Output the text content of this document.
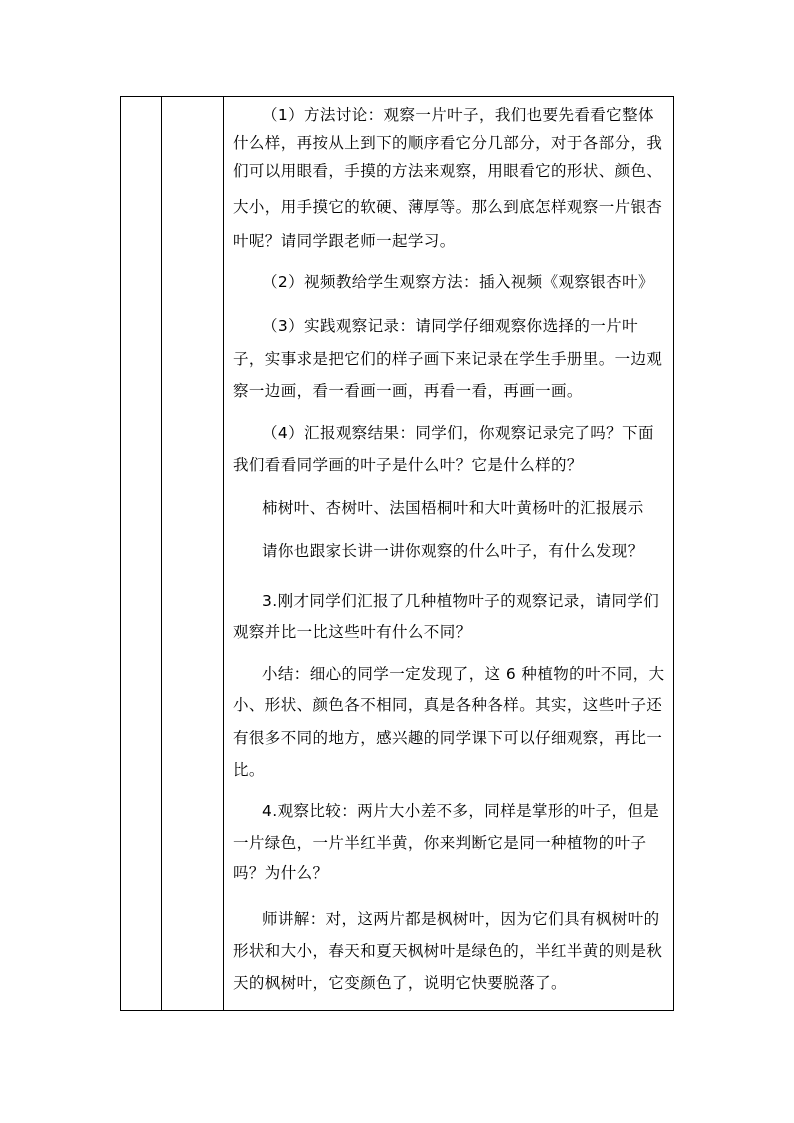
（1）方法讨论：观察一片叶子，我们也要先看看它整体
什么样，再按从上到下的顺序看它分几部分，对于各部分，我
们可以用眼看，手摸的方法来观察，用眼看它的形状、颜色、
大小，用手摸它的软硬、薄厚等。那么到底怎样观察一片银杏
叶呢？请同学跟老师一起学习。
（2）视频教给学生观察方法：插入视频《观察银杏叶》
（3）实践观察记录：请同学仔细观察你选择的一片叶
子，实事求是把它们的样子画下来记录在学生手册里。一边观
察一边画，看一看画一画，再看一看，再画一画。
（4）汇报观察结果：同学们，你观察记录完了吗？下面
我们看看同学画的叶子是什么叶？它是什么样的？
柿树叶、杏树叶、法国梧桐叶和大叶黄杨叶的汇报展示
请你也跟家长讲一讲你观察的什么叶子，有什么发现？
3.刚才同学们汇报了几种植物叶子的观察记录，请同学们
观察并比一比这些叶有什么不同？
小结：细心的同学一定发现了，这 6 种植物的叶不同，大
小、形状、颜色各不相同，真是各种各样。其实，这些叶子还
有很多不同的地方，感兴趣的同学课下可以仔细观察，再比一
比。
4.观察比较：两片大小差不多，同样是掌形的叶子，但是
一片绿色，一片半红半黄，你来判断它是同一种植物的叶子
吗？为什么？
师讲解：对，这两片都是枫树叶，因为它们具有枫树叶的
形状和大小，春天和夏天枫树叶是绿色的，半红半黄的则是秋
天的枫树叶，它变颜色了，说明它快要脱落了。
